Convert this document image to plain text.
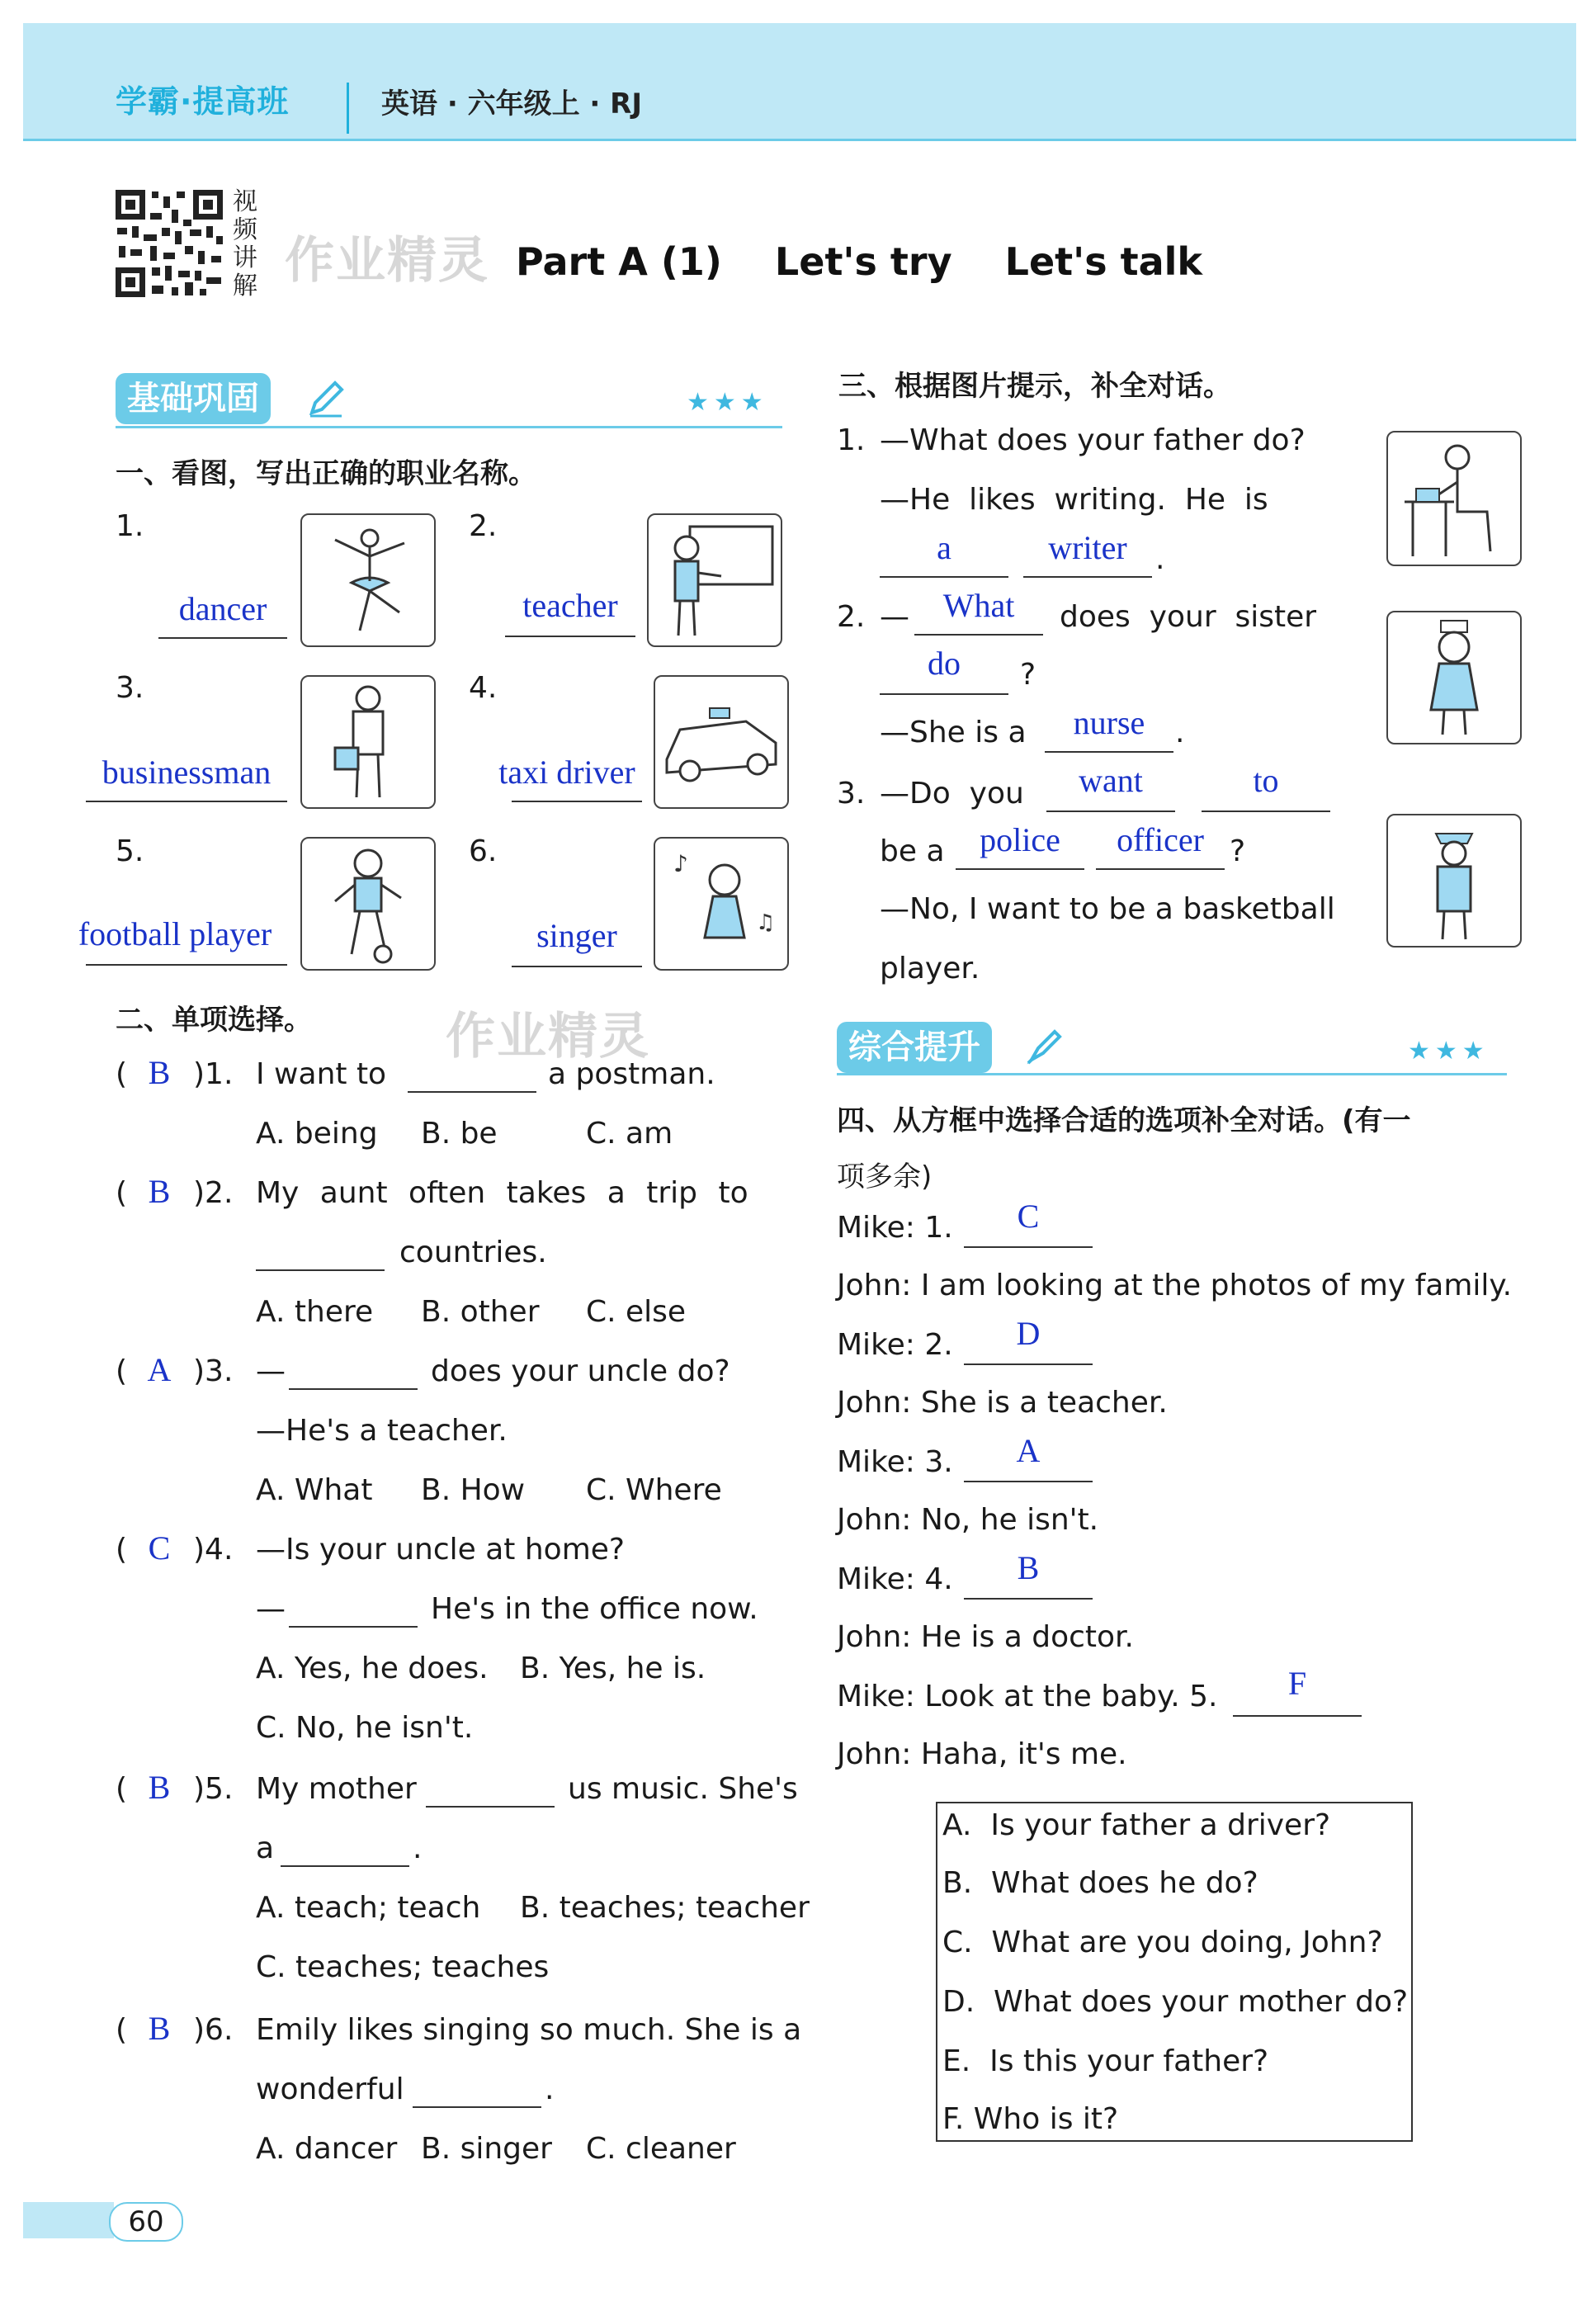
学霸·提高班	英语 · 六年级上 · RJ
视
频
讲
解 作业精灵 Part A (1)    Let's try    Let's talk
基础巩固	★★★
一、看图，写出正确的职业名称。
1.
dancer
2.
teacher
3.
businessman
4.
taxi driver
5.
football player
6.
singer
♪
♫
二、单项选择。	作业精灵
( B )1. I want to	a postman.
A. being B. be	C. am
( B )2. My aunt often takes a trip to
countries.
A. there B. other C. else
( A )3. —	does your uncle do?
—He's a teacher.
A. What B. How C. Where
( C )4. —Is your uncle at home?
—	He's in the office now.
A. Yes, he does. B. Yes, he is.
C. No, he isn't.
( B )5. My mother	us music. She's
a	.
A. teach; teach B. teaches; teacher
C. teaches; teaches
( B )6. Emily likes singing so much. She is a
wonderful	.
A. dancer B. singer C. cleaner
三、根据图片提示，补全对话。
1. —What does your father do?
—He  likes  writing.  He  is
a	writer .
2. —	What	does  your  sister
do	?
—She is a	nurse	.
3. —Do  you	want	to
be a	police	officer ?
—No, I want to be a basketball
player.
综合提升	★★★
四、从方框中选择合适的选项补全对话。(有一
项多余)
Mike: 1.	C
John: I am looking at the photos of my family.
Mike: 2.	D
John: She is a teacher.
Mike: 3.	A
John: No, he isn't.
Mike: 4.	B
John: He is a doctor.
Mike: Look at the baby. 5.	F
John: Haha, it's me.
A.  Is your father a driver?
B.  What does he do?
C.  What are you doing, John?
D.  What does your mother do?
E.  Is this your father?
F. Who is it?
60
